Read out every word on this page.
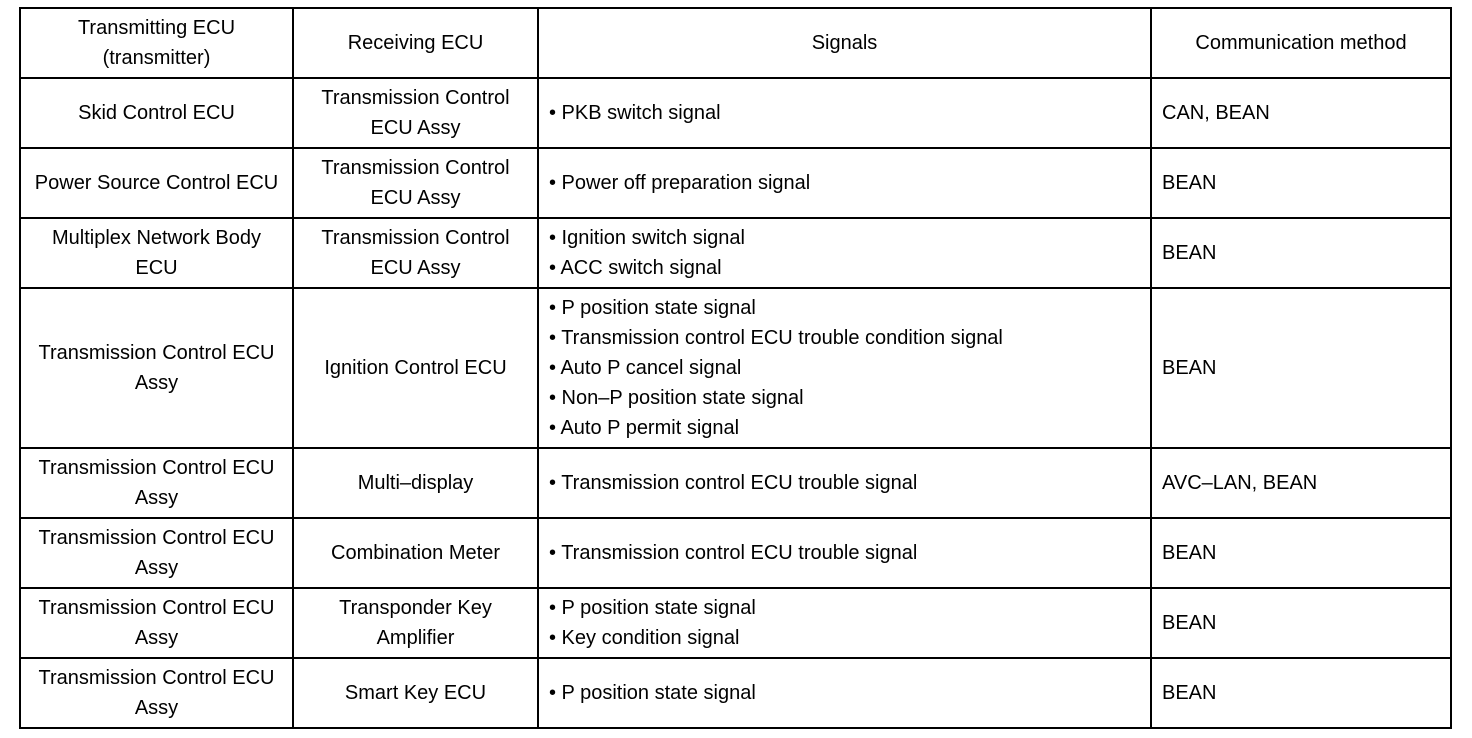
Transmitting ECU (transmitter)	Receiving ECU	Signals	Communication method

Skid Control ECU	Transmission Control ECU Assy	• PKB switch signal	CAN, BEAN

Power Source Control ECU	Transmission Control ECU Assy	• Power off preparation signal	BEAN

Multiplex Network Body ECU	Transmission Control ECU Assy	• Ignition switch signal
• ACC switch signal	BEAN

Transmission Control ECU Assy	Ignition Control ECU	• P position state signal
• Transmission control ECU trouble condition signal
• Auto P cancel signal
• Non–P position state signal
• Auto P permit signal	BEAN

Transmission Control ECU Assy	Multi–display	• Transmission control ECU trouble signal	AVC–LAN, BEAN

Transmission Control ECU Assy	Combination Meter	• Transmission control ECU trouble signal	BEAN

Transmission Control ECU Assy	Transponder Key Amplifier	• P position state signal
• Key condition signal	BEAN

Transmission Control ECU Assy	Smart Key ECU	• P position state signal	BEAN
